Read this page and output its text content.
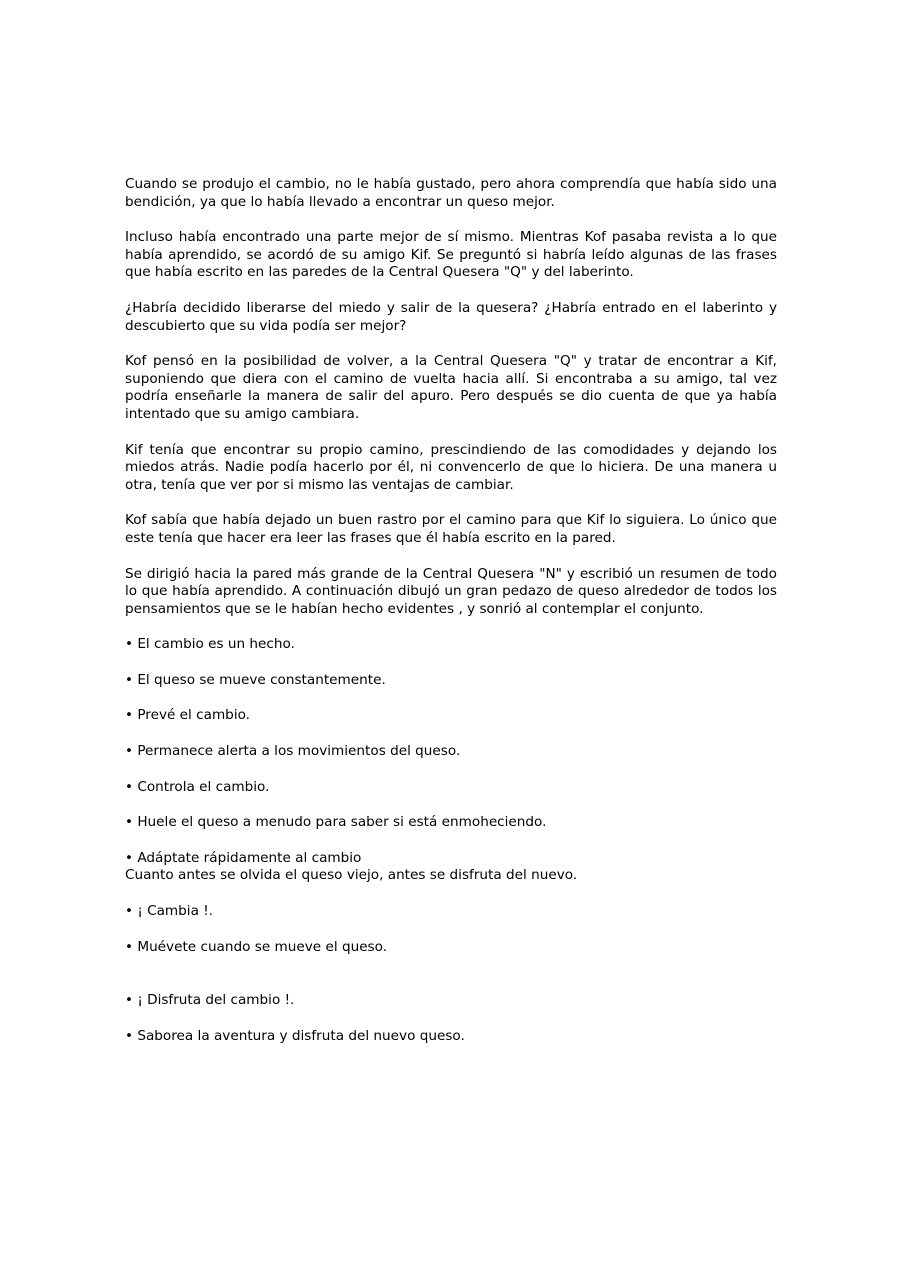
Cuando se produjo el cambio, no le había gustado, pero ahora comprendía que había sido una bendición, ya que lo había llevado a encontrar un queso mejor.

Incluso había encontrado una parte mejor de sí mismo. Mientras Kof pasaba revista a lo que había aprendido, se acordó de su amigo Kif. Se preguntó si habría leído algunas de las frases que había escrito en las paredes de la Central Quesera "Q" y del laberinto.

¿Habría decidido liberarse del miedo y salir de la quesera? ¿Habría entrado en el laberinto y descubierto que su vida podía ser mejor?

Kof pensó en la posibilidad de volver, a la Central Quesera "Q" y tratar de encontrar a Kif, suponiendo que diera con el camino de vuelta hacia allí. Si encontraba a su amigo, tal vez podría enseñarle la manera de salir del apuro. Pero después se dio cuenta de que ya había intentado que su amigo cambiara.

Kif tenía que encontrar su propio camino, prescindiendo de las comodidades y dejando los miedos atrás. Nadie podía hacerlo por él, ni convencerlo de que lo hiciera. De una manera u otra, tenía que ver por si mismo las ventajas de cambiar.

Kof sabía que había dejado un buen rastro por el camino para que Kif lo siguiera. Lo único que este tenía que hacer era leer las frases que él había escrito en la pared.

Se dirigió hacia la pared más grande de la Central Quesera "N" y escribió un resumen de todo lo que había aprendido. A continuación dibujó un gran pedazo de queso alrededor de todos los pensamientos que se le habían hecho evidentes , y sonrió al contemplar el conjunto.

• El cambio es un hecho.
• El queso se mueve constantemente.
• Prevé el cambio.
• Permanece alerta a los movimientos del queso.
• Controla el cambio.
• Huele el queso a menudo para saber si está enmoheciendo.
• Adáptate rápidamente al cambio
Cuanto antes se olvida el queso viejo, antes se disfruta del nuevo.
• ¡ Cambia !.
• Muévete cuando se mueve el queso.
• ¡ Disfruta del cambio !.
• Saborea la aventura y disfruta del nuevo queso.
